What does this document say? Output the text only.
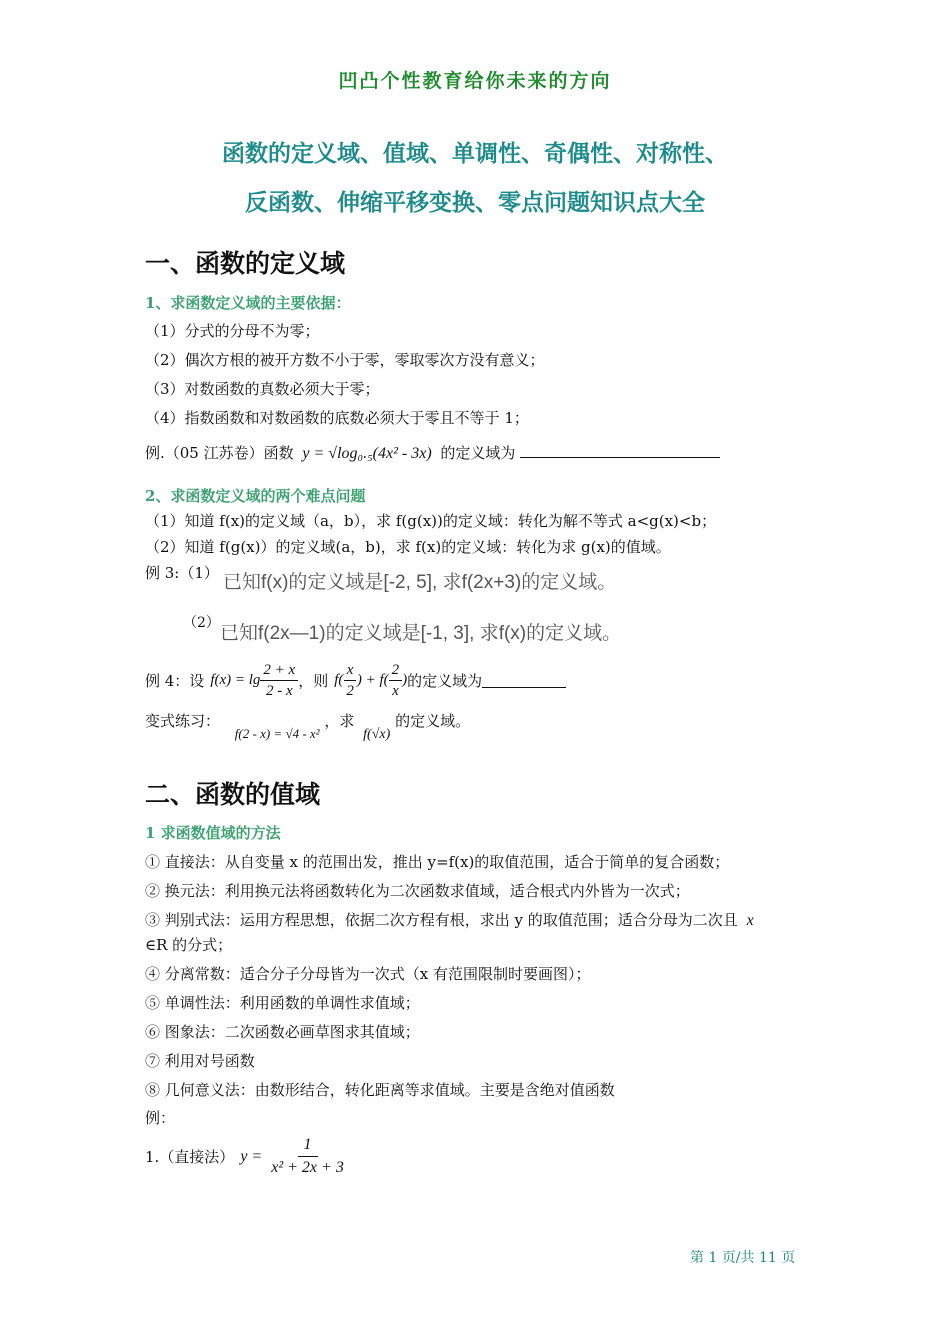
凹凸个性教育给你未来的方向
函数的定义域、值域、单调性、奇偶性、对称性、
反函数、伸缩平移变换、零点问题知识点大全
一、函数的定义域
1、求函数定义域的主要依据：
（1）分式的分母不为零；
（2）偶次方根的被开方数不小于零，零取零次方没有意义；
（3）对数函数的真数必须大于零；
（4）指数函数和对数函数的底数必须大于零且不等于 1；
例.（05 江苏卷）函数 y = √log₀.₅(4x² - 3x) 的定义域为
2、求函数定义域的两个难点问题
（1）知道 f(x)的定义域（a，b），求 f(g(x))的定义域：转化为解不等式 a<g(x)<b；
（2）知道 f(g(x)）的定义域(a，b)，求 f(x)的定义域：转化为求 g(x)的值域。
例 3:（1） 已知f(x)的定义域是[-2, 5], 求f(2x+3)的定义域。
（2） 已知f(2x—1)的定义域是[-1, 3], 求f(x)的定义域。
例 4：设 $f(x) = \lg \frac{2 + x}{2 - x}$ ，则 $f( \frac{x}{2}$ ) + $f( \frac{2}{x}$ ) 的定义域为
变式练习： f(2 - x) = √4 - x² ，求 f(√x) 的定义域。
二、函数的值域
1 求函数值域的方法
① 直接法：从自变量 x 的范围出发，推出 y=f(x)的取值范围，适合于简单的复合函数；
② 换元法：利用换元法将函数转化为二次函数求值域，适合根式内外皆为一次式；
③ 判别式法：运用方程思想，依据二次方程有根，求出 y 的取值范围；适合分母为二次且 x
∈R 的分式；
④ 分离常数：适合分子分母皆为一次式（x 有范围限制时要画图）；
⑤ 单调性法：利用函数的单调性求值域；
⑥ 图象法：二次函数必画草图求其值域；
⑦ 利用对号函数
⑧ 几何意义法：由数形结合，转化距离等求值域。主要是含绝对值函数
例：
1.（直接法） $y = \frac{1}{\text{x² + 2x + 3}}$
第 1 页/共 11 页
